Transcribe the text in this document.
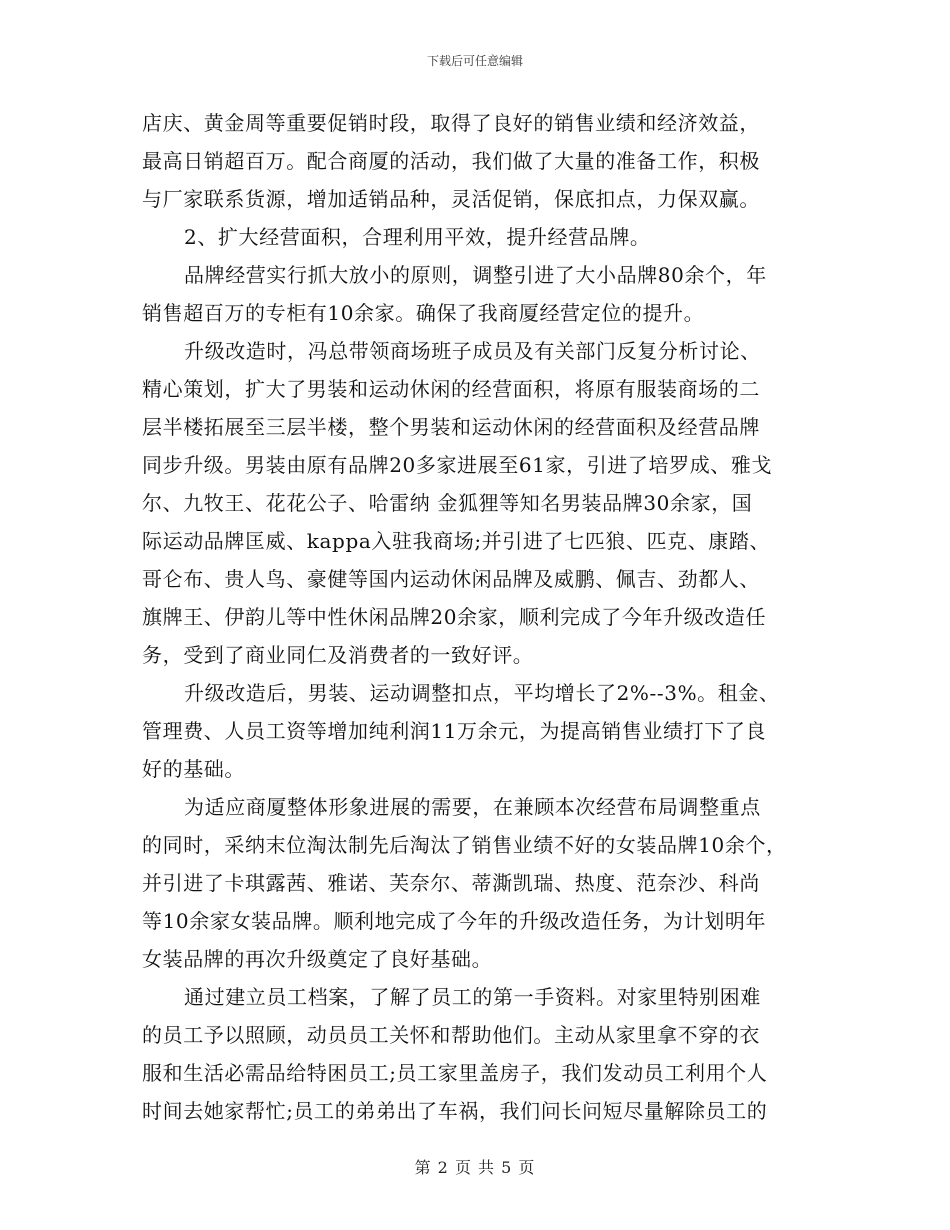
下载后可任意编辑
店庆、黄金周等重要促销时段，取得了良好的销售业绩和经济效益，
最高日销超百万。配合商厦的活动，我们做了大量的准备工作，积极
与厂家联系货源，增加适销品种，灵活促销，保底扣点，力保双赢。
2、扩大经营面积，合理利用平效，提升经营品牌。
品牌经营实行抓大放小的原则，调整引进了大小品牌80余个，年
销售超百万的专柜有10余家。确保了我商厦经营定位的提升。
升级改造时，冯总带领商场班子成员及有关部门反复分析讨论、
精心策划，扩大了男装和运动休闲的经营面积，将原有服装商场的二
层半楼拓展至三层半楼，整个男装和运动休闲的经营面积及经营品牌
同步升级。男装由原有品牌20多家进展至61家，引进了培罗成、雅戈
尔、九牧王、花花公子、哈雷纳 金狐狸等知名男装品牌30余家，国
际运动品牌匡威、kappa入驻我商场;并引进了七匹狼、匹克、康踏、
哥仑布、贵人鸟、豪健等国内运动休闲品牌及威鹏、佩吉、劲都人、
旗牌王、伊韵儿等中性休闲品牌20余家，顺利完成了今年升级改造任
务，受到了商业同仁及消费者的一致好评。
升级改造后，男装、运动调整扣点，平均增长了2%--3%。租金、
管理费、人员工资等增加纯利润11万余元，为提高销售业绩打下了良
好的基础。
为适应商厦整体形象进展的需要，在兼顾本次经营布局调整重点
的同时，采纳末位淘汰制先后淘汰了销售业绩不好的女装品牌10余个，
并引进了卡琪露茜、雅诺、芙奈尔、蒂澌凯瑞、热度、范奈沙、科尚
等10余家女装品牌。顺利地完成了今年的升级改造任务，为计划明年
女装品牌的再次升级奠定了良好基础。
通过建立员工档案，了解了员工的第一手资料。对家里特别困难
的员工予以照顾，动员员工关怀和帮助他们。主动从家里拿不穿的衣
服和生活必需品给特困员工;员工家里盖房子，我们发动员工利用个人
时间去她家帮忙;员工的弟弟出了车祸，我们问长问短尽量解除员工的
第 2 页 共 5 页
